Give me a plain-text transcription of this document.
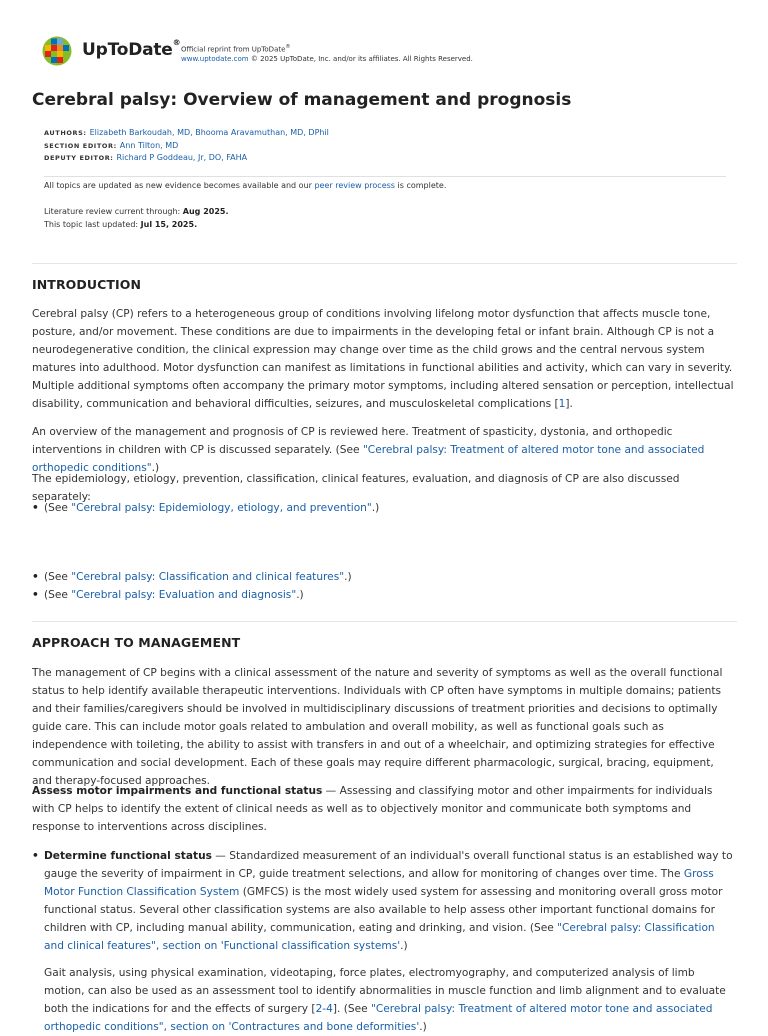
UpToDate®
Official reprint from UpToDate®
www.uptodate.com © 2025 UpToDate, Inc. and/or its affiliates. All Rights Reserved.
Cerebral palsy: Overview of management and prognosis
AUTHORS: Elizabeth Barkoudah, MD, Bhooma Aravamuthan, MD, DPhil
SECTION EDITOR: Ann Tilton, MD
DEPUTY EDITOR: Richard P Goddeau, Jr, DO, FAHA
All topics are updated as new evidence becomes available and our peer review process is complete.
Literature review current through: Aug 2025.
This topic last updated: Jul 15, 2025.
INTRODUCTION

Cerebral palsy (CP) refers to a heterogeneous group of conditions involving lifelong motor dysfunction that affects muscle tone, posture, and/or movement. These conditions are due to impairments in the developing fetal or infant brain. Although CP is not a neurodegenerative condition, the clinical expression may change over time as the child grows and the central nervous system matures into adulthood. Motor dysfunction can manifest as limitations in functional abilities and activity, which can vary in severity. Multiple additional symptoms often accompany the primary motor symptoms, including altered sensation or perception, intellectual disability, communication and behavioral difficulties, seizures, and musculoskeletal complications [1].

An overview of the management and prognosis of CP is reviewed here. Treatment of spasticity, dystonia, and orthopedic interventions in children with CP is discussed separately. (See "Cerebral palsy: Treatment of altered motor tone and associated orthopedic conditions".)

The epidemiology, etiology, prevention, classification, clinical features, evaluation, and diagnosis of CP are also discussed separately:

• (See "Cerebral palsy: Epidemiology, etiology, and prevention".)
• (See "Cerebral palsy: Classification and clinical features".)
• (See "Cerebral palsy: Evaluation and diagnosis".)
APPROACH TO MANAGEMENT

The management of CP begins with a clinical assessment of the nature and severity of symptoms as well as the overall functional status to help identify available therapeutic interventions. Individuals with CP often have symptoms in multiple domains; patients and their families/caregivers should be involved in multidisciplinary discussions of treatment priorities and decisions to optimally guide care. This can include motor goals related to ambulation and overall mobility, as well as functional goals such as independence with toileting, the ability to assist with transfers in and out of a wheelchair, and optimizing strategies for effective communication and social development. Each of these goals may require different pharmacologic, surgical, bracing, equipment, and therapy-focused approaches.

Assess motor impairments and functional status — Assessing and classifying motor and other impairments for individuals with CP helps to identify the extent of clinical needs as well as to objectively monitor and communicate both symptoms and response to interventions across disciplines.

• Determine functional status — Standardized measurement of an individual's overall functional status is an established way to gauge the severity of impairment in CP, guide treatment selections, and allow for monitoring of changes over time. The Gross Motor Function Classification System (GMFCS) is the most widely used system for assessing and monitoring overall gross motor functional status. Several other classification systems are also available to help assess other important functional domains for children with CP, including manual ability, communication, eating and drinking, and vision. (See "Cerebral palsy: Classification and clinical features", section on 'Functional classification systems'.)

Gait analysis, using physical examination, videotaping, force plates, electromyography, and computerized analysis of limb motion, can also be used as an assessment tool to identify abnormalities in muscle function and limb alignment and to evaluate both the indications for and the effects of surgery [2-4]. (See "Cerebral palsy: Treatment of altered motor tone and associated orthopedic conditions", section on 'Contractures and bone deformities'.)
